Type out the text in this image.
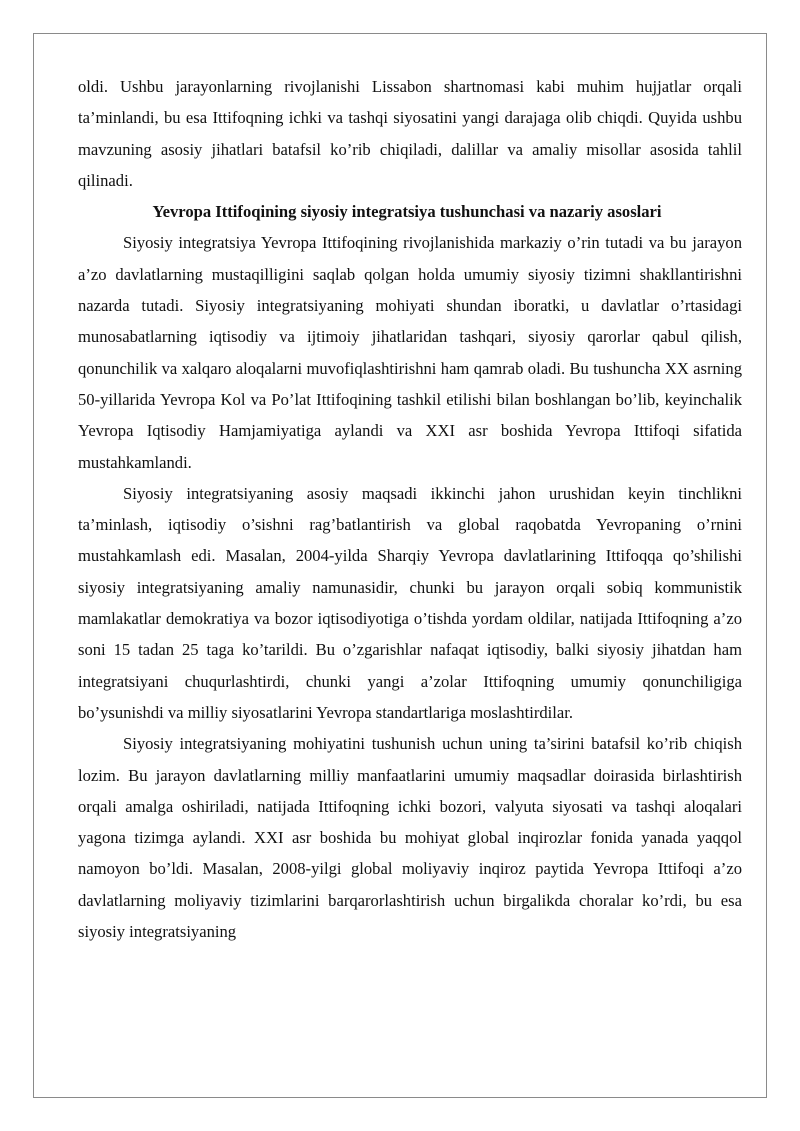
oldi. Ushbu jarayonlarning rivojlanishi Lissabon shartnomasi kabi muhim hujjatlar orqali ta’minlandi, bu esa Ittifoqning ichki va tashqi siyosatini yangi darajaga olib chiqdi. Quyida ushbu mavzuning asosiy jihatlari batafsil ko’rib chiqiladi, dalillar va amaliy misollar asosida tahlil qilinadi.

Yevropa Ittifoqining siyosiy integratsiya tushunchasi va nazariy asoslari

Siyosiy integratsiya Yevropa Ittifoqining rivojlanishida markaziy o’rin tutadi va bu jarayon a’zo davlatlarning mustaqilligini saqlab qolgan holda umumiy siyosiy tizimni shakllantirishni nazarda tutadi. Siyosiy integratsiyaning mohiyati shundan iboratki, u davlatlar o’rtasidagi munosabatlarning iqtisodiy va ijtimoiy jihatlaridan tashqari, siyosiy qarorlar qabul qilish, qonunchilik va xalqaro aloqalarni muvofiqlashtirishni ham qamrab oladi. Bu tushuncha XX asrning 50-yillarida Yevropa Kol va Po’lat Ittifoqining tashkil etilishi bilan boshlangan bo’lib, keyinchalik Yevropa Iqtisodiy Hamjamiyatiga aylandi va XXI asr boshida Yevropa Ittifoqi sifatida mustahkamlandi.

Siyosiy integratsiyaning asosiy maqsadi ikkinchi jahon urushidan keyin tinchlikni ta’minlash, iqtisodiy o’sishni rag’batlantirish va global raqobatda Yevropaning o’rnini mustahkamlash edi. Masalan, 2004-yilda Sharqiy Yevropa davlatlarining Ittifoqqa qo’shilishi siyosiy integratsiyaning amaliy namunasidir, chunki bu jarayon orqali sobiq kommunistik mamlakatlar demokratiya va bozor iqtisodiyotiga o’tishda yordam oldilar, natijada Ittifoqning a’zo soni 15 tadan 25 taga ko’tarildi. Bu o’zgarishlar nafaqat iqtisodiy, balki siyosiy jihatdan ham integratsiyani chuqurlashtirdi, chunki yangi a’zolar Ittifoqning umumiy qonunchiligiga bo’ysunishdi va milliy siyosatlarini Yevropa standartlariga moslashtirdilar.

Siyosiy integratsiyaning mohiyatini tushunish uchun uning ta’sirini batafsil ko’rib chiqish lozim. Bu jarayon davlatlarning milliy manfaatlarini umumiy maqsadlar doirasida birlashtirish orqali amalga oshiriladi, natijada Ittifoqning ichki bozori, valyuta siyosati va tashqi aloqalari yagona tizimga aylandi. XXI asr boshida bu mohiyat global inqirozlar fonida yanada yaqqol namoyon bo’ldi. Masalan, 2008-yilgi global moliyaviy inqiroz paytida Yevropa Ittifoqi a’zo davlatlarning moliyaviy tizimlarini barqarorlashtirish uchun birgalikda choralar ko’rdi, bu esa siyosiy integratsiyaning
